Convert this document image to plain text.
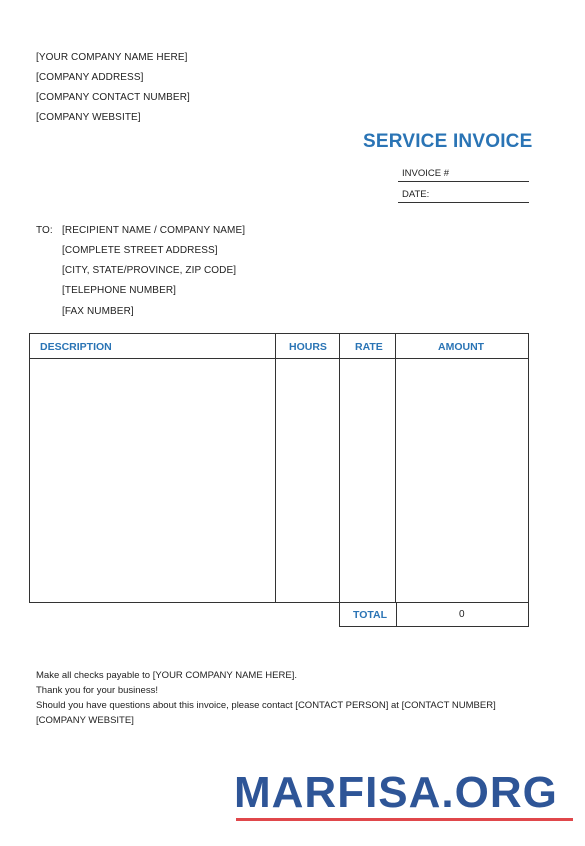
[YOUR COMPANY NAME HERE]
[COMPANY ADDRESS]
[COMPANY CONTACT NUMBER]
[COMPANY WEBSITE]
SERVICE INVOICE
INVOICE #
DATE:
TO: [RECIPIENT NAME / COMPANY NAME]
[COMPLETE STREET ADDRESS]
[CITY, STATE/PROVINCE, ZIP CODE]
[TELEPHONE NUMBER]
[FAX NUMBER]
DESCRIPTION	HOURS	RATE	AMOUNT
TOTAL	0
Make all checks payable to [YOUR COMPANY NAME HERE].
Thank you for your business!
Should you have questions about this invoice, please contact [CONTACT PERSON] at [CONTACT NUMBER]
[COMPANY WEBSITE]
MARFISA.ORG
